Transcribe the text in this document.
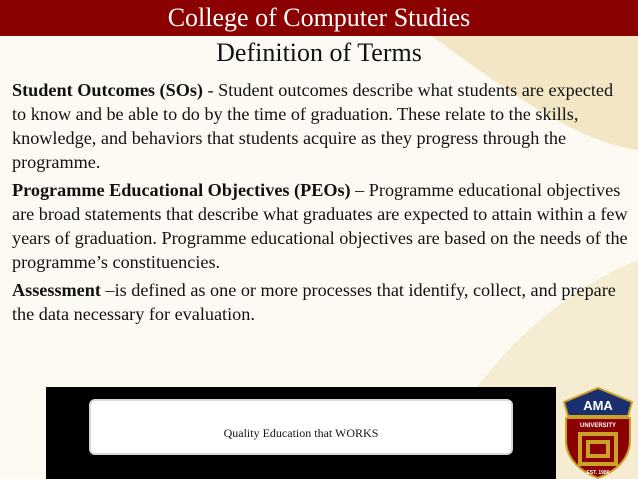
College of Computer Studies
Definition of Terms

Student Outcomes (SOs) - Student outcomes describe what students are expected to know and be able to do by the time of graduation. These relate to the skills, knowledge, and behaviors that students acquire as they progress through the programme.

Programme Educational Objectives (PEOs) – Programme educational objectives are broad statements that describe what graduates are expected to attain within a few years of graduation. Programme educational objectives are based on the needs of the programme’s constituencies.

Assessment –is defined as one or more processes that identify, collect, and prepare the data necessary for evaluation.

Quality Education that WORKS
AMA
UNIVERSITY
EST. 1980
